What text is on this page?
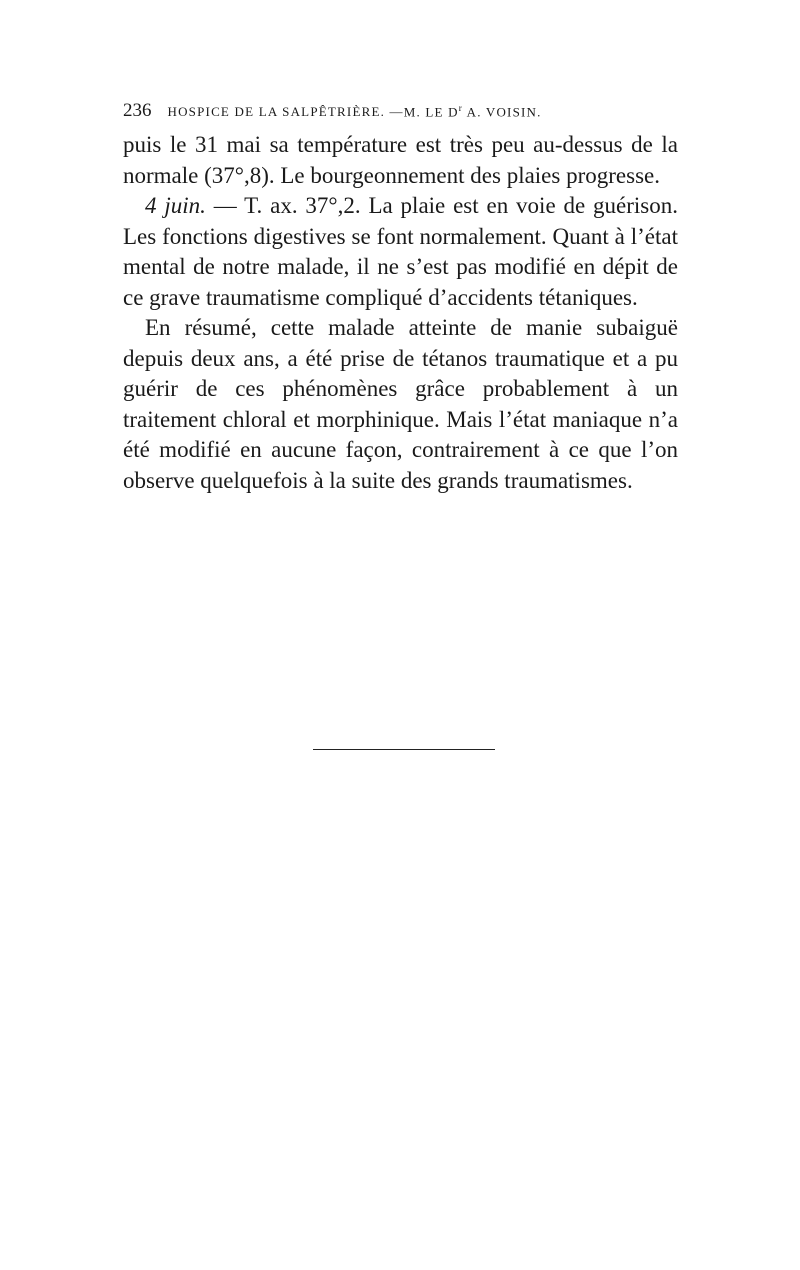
236 HOSPICE DE LA SALPÊTRIÈRE. — M. LE $D^r$ A. VOISIN.

puis le 31 mai sa température est très peu au-dessus de la normale (37°,8). Le bourgeonnement des plaies progresse.

4 juin. — T. ax. 37°,2. La plaie est en voie de guérison. Les fonctions digestives se font normalement. Quant à l’état mental de notre malade, il ne s’est pas modifié en dépit de ce grave traumatisme compliqué d’accidents tétaniques.

En résumé, cette malade atteinte de manie subaiguë depuis deux ans, a été prise de tétanos traumatique et a pu guérir de ces phénomènes grâce probablement à un traitement chloral et morphinique. Mais l’état maniaque n’a été modifié en aucune façon, contrairement à ce que l’on observe quelquefois à la suite des grands traumatismes.
